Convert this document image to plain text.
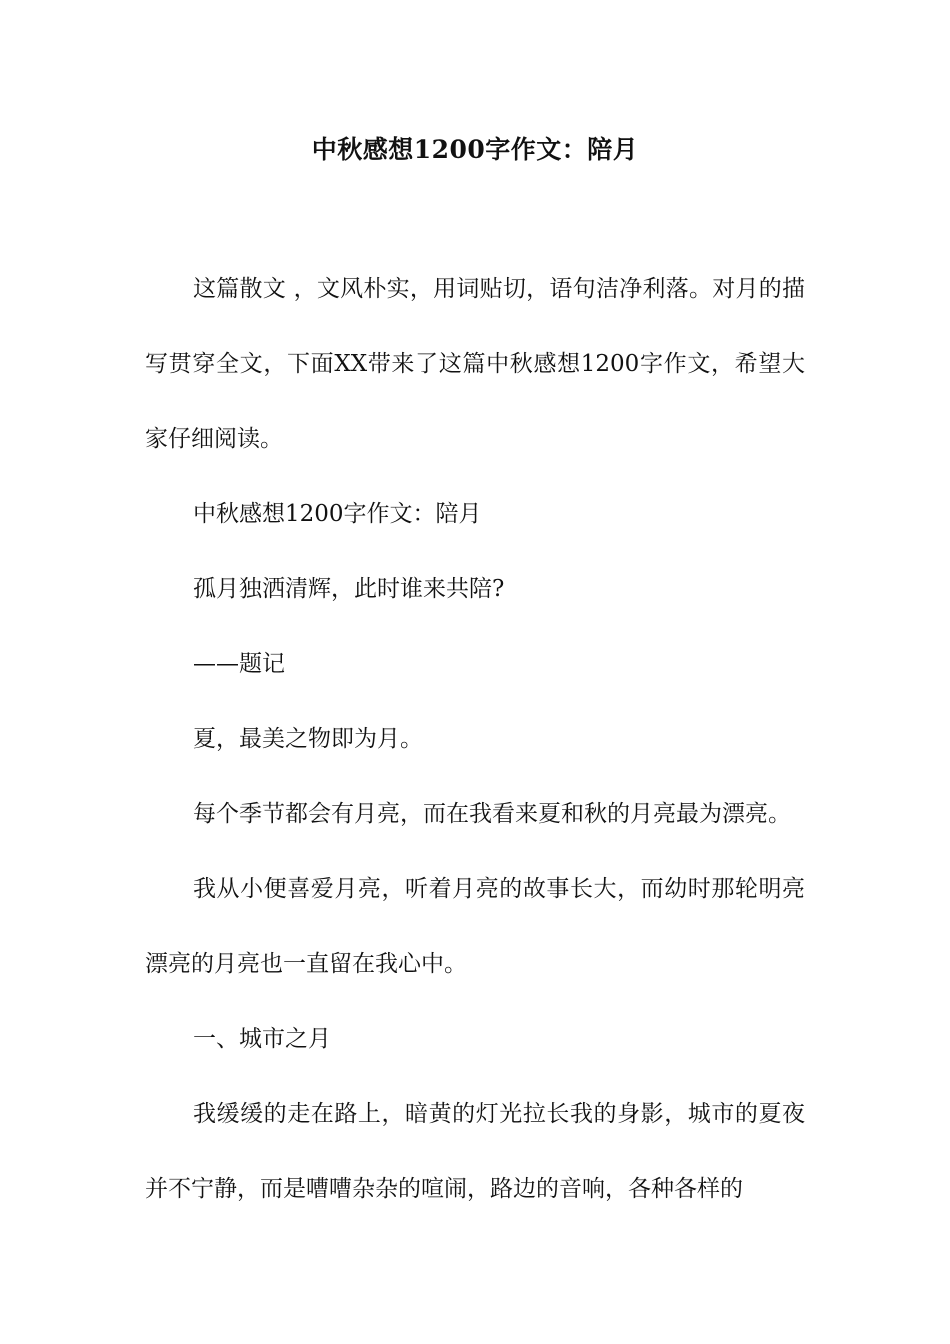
中秋感想1200字作文：陪月

这篇散文 ，文风朴实，用词贴切，语句洁净利落。对月的描写贯穿全文，下面XX带来了这篇中秋感想1200字作文，希望大家仔细阅读。

中秋感想1200字作文：陪月

孤月独洒清辉，此时谁来共陪?

——题记

夏，最美之物即为月。

每个季节都会有月亮，而在我看来夏和秋的月亮最为漂亮。

我从小便喜爱月亮，听着月亮的故事长大，而幼时那轮明亮漂亮的月亮也一直留在我心中。

一、城市之月

我缓缓的走在路上，暗黄的灯光拉长我的身影，城市的夏夜并不宁静，而是嘈嘈杂杂的喧闹，路边的音响，各种各样的
